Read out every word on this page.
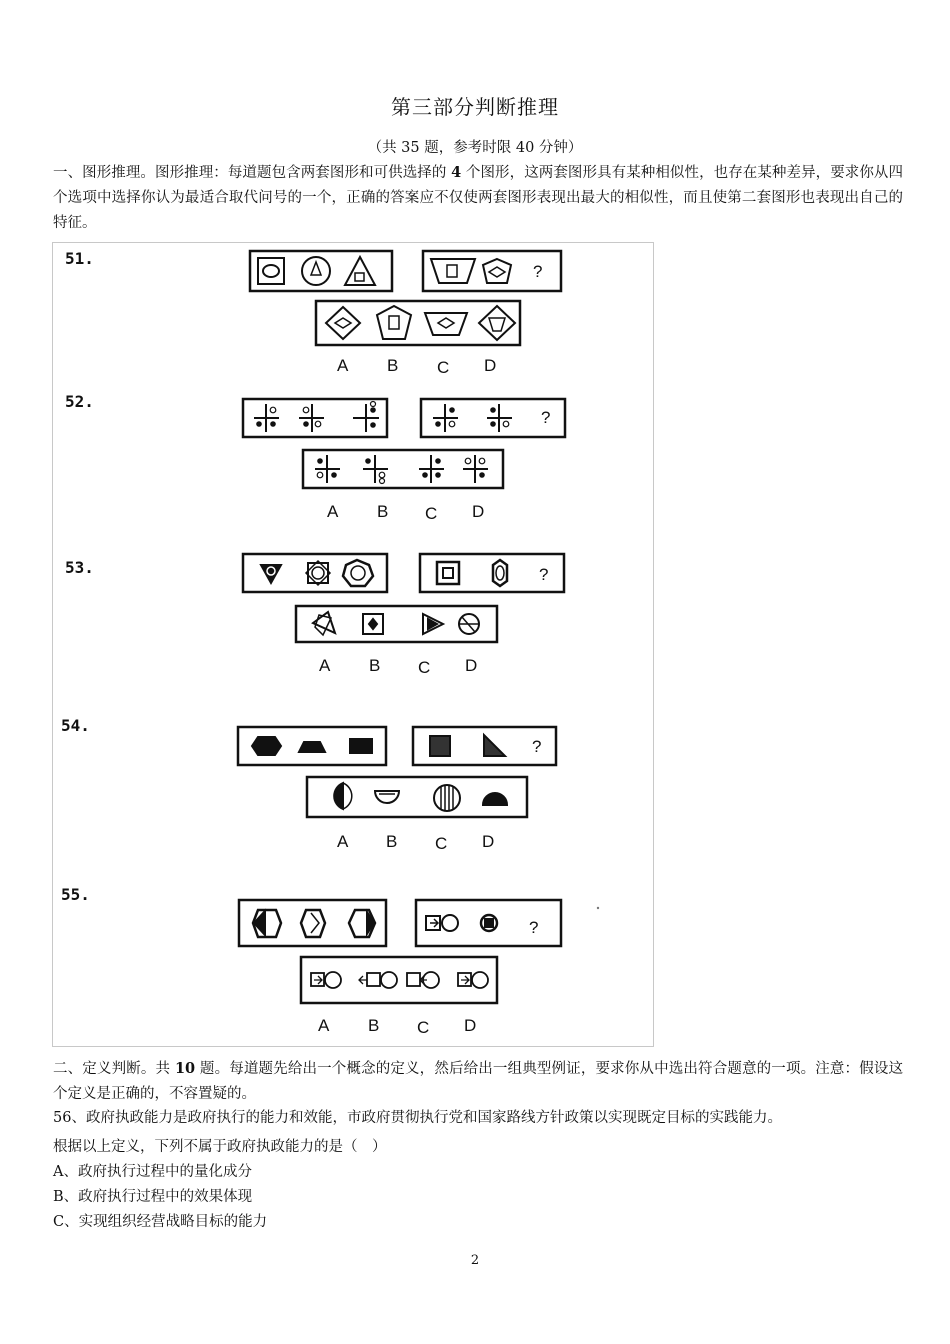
第三部分判断推理
（共 35 题，参考时限 40 分钟）
一、图形推理。图形推理：每道题包含两套图形和可供选择的 4 个图形，这两套图形具有某种相似性，也存在某种差异，要求你从四个选项中选择你认为最适合取代问号的一个，正确的答案应不仅使两套图形表现出最大的相似性，而且使第二套图形也表现出自己的特征。
51.
?
A B C D
52.
?
A B C D
53.	?
A B C D
54.
?
A B C D
55.
?
A B C D
二、定义判断。共 10 题。每道题先给出一个概念的定义，然后给出一组典型例证，要求你从中选出符合题意的一项。注意：假设这个定义是正确的，不容置疑的。
56、政府执政能力是政府执行的能力和效能，市政府贯彻执行党和国家路线方针政策以实现既定目标的实践能力。
根据以上定义，下列不属于政府执政能力的是（　）
A、政府执行过程中的量化成分
B、政府执行过程中的效果体现
C、实现组织经营战略目标的能力
2
